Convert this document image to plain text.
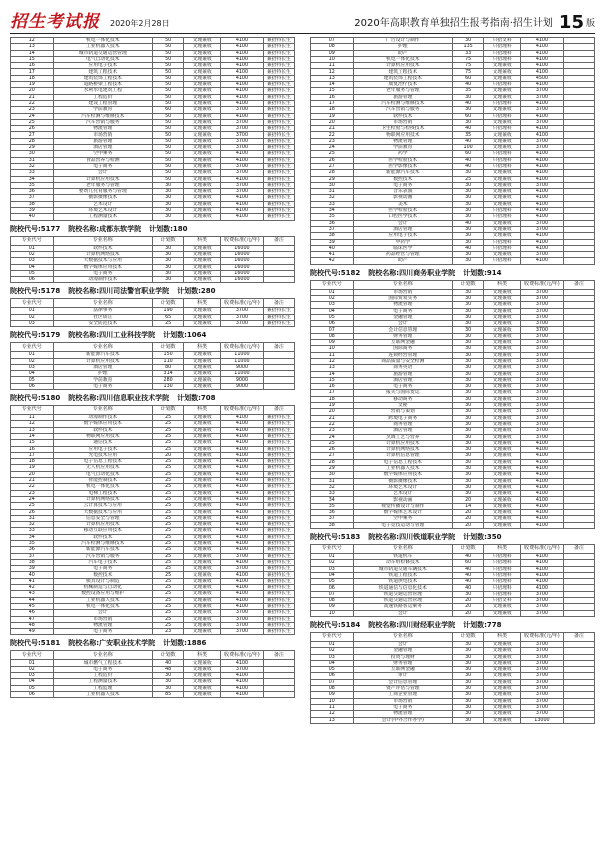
招生考试报 2020年2月28日	2020年高职教育单独招生报考指南·招生计划 15 版
12	机电一体化技术	50	文理兼收	4100	兼招特长生
13	工业机器人技术	50	文理兼收	4100	兼招特长生
14	城市轨道交通运营管理	50	文理兼收	4100	兼招特长生
15	电气自动化技术	50	文理兼收	4100	兼招特长生
16	应用电子技术	50	文理兼收	4100	兼招特长生
17	建筑工程技术	50	文理兼收	4100	兼招特长生
18	建筑装饰工程技术	50	文理兼收	4100	兼招特长生
19	道路桥梁工程技术	50	文理兼收	4100	兼招特长生
20	水利水电建筑工程	50	文理兼收	4100	兼招特长生
21	工程造价	50	文理兼收	4100	兼招特长生
22	建设工程管理	50	文理兼收	4100	兼招特长生
23	学前教育	60	文理兼收	3700	兼招特长生
24	汽车检测与维修技术	50	文理兼收	4100	兼招特长生
25	汽车营销与服务	50	文理兼收	3700	兼招特长生
26	物流管理	50	文理兼收	3700	兼招特长生
27	市场营销	50	文理兼收	3700	兼招特长生
28	旅游管理	50	文理兼收	3700	兼招特长生
29	酒店管理	50	文理兼收	3700	兼招特长生
30	空中乘务	50	文理兼收	4100	兼招特长生
31	食品营养与检测	50	文理兼收	4100	兼招特长生
32	电子商务	50	文理兼收	3700	兼招特长生
33	会计	50	文理兼收	3700	兼招特长生
34	计算机应用技术	50	文理兼收	4100	兼招特长生
35	老年服务与管理	30	文理兼收	3700	兼招特长生
36	婴幼儿托育服务与管理	30	文理兼收	3700	兼招特长生
37	摄影摄像技术	30	文理兼收	4100	兼招特长生
38	艺术设计	30	文理兼收	4100	兼招特长生
39	环境艺术设计	30	文理兼收	4100	兼招特长生
40	工程测量技术	30	文理兼收	4100	兼招特长生
院校代号:5177 院校名称:成都东软学院 计划数:180
专业代号	专业名称	计划数	科类	收费标准(元/年)	备注
01	软件技术	30	文理兼收	16000	
02	计算机网络技术	30	文理兼收	16000	
03	大数据技术与应用	30	文理兼收	16000	
04	数字媒体应用技术	30	文理兼收	16000	
05	电子商务	30	文理兼收	16000	
06	动漫制作技术	30	文理兼收	16000	
院校代号:5178 院校名称:四川司法警官职业学院 计划数:280
专业代号	专业名称	计划数	科类	收费标准(元/年)	备注
01	法律事务	190	文理兼收	3700	兼招特长生
02	社区矫正	65	文理兼收	3700	兼招特长生
03	安全防范技术	25	文理兼收	3700	兼招特长生
院校代号:5179 院校名称:四川工业科技学院 计划数:1064
专业代号	专业名称	计划数	科类	收费标准(元/年)	备注
01	新能源汽车技术	150	文理兼收	11000	
02	计算机应用技术	110	文理兼收	11000	
03	酒店管理	80	文理兼收	9000	
04	护理	314	文理兼收	11000	
05	学前教育	280	文理兼收	9000	
06	电子商务	130	文理兼收	9000	
院校代号:5180 院校名称:四川信息职业技术学院 计划数:708
专业代号	专业名称	计划数	科类	收费标准(元/年)	备注
11	动漫制作技术	25	文理兼收	4100	兼招特长生
12	数字媒体应用技术	25	文理兼收	4100	兼招特长生
13	软件技术	25	文理兼收	4100	兼招特长生
14	物联网应用技术	25	文理兼收	4100	兼招特长生
15	通信技术	25	文理兼收	4100	兼招特长生
16	应用电子技术	25	文理兼收	4100	兼招特长生
17	光电技术应用	20	文理兼收	4100	兼招特长生
18	电子信息工程技术	25	文理兼收	4100	兼招特长生
19	无人机应用技术	25	文理兼收	4100	兼招特长生
20	电气自动化技术	25	文理兼收	4100	兼招特长生
21	智能控制技术	25	文理兼收	4100	兼招特长生
22	机电一体化技术	25	文理兼收	4100	兼招特长生
23	电梯工程技术	25	文理兼收	4100	兼招特长生
24	计算机网络技术	25	文理兼收	4100	兼招特长生
25	云计算技术与应用	25	文理兼收	4100	兼招特长生
26	大数据技术与应用	25	文理兼收	4100	兼招特长生
31	信息安全与管理	25	文理兼收	4100	兼招特长生
32	计算机应用技术	25	文理兼收	4100	兼招特长生
33	移动互联应用技术	25	文理兼收	4100	兼招特长生
34	软件技术	25	文理兼收	4100	兼招特长生
35	汽车检测与维修技术	25	文理兼收	4100	兼招特长生
36	新能源汽车技术	25	文理兼收	4100	兼招特长生
37	汽车营销与服务	25	文理兼收	3700	兼招特长生
38	汽车电子技术	25	文理兼收	4100	兼招特长生
39	电子商务	25	文理兼收	3700	兼招特长生
40	数控技术	25	文理兼收	4100	兼招特长生
41	模具设计与制造	25	文理兼收	4100	兼招特长生
42	机械制造与自动化	25	文理兼收	4100	兼招特长生
43	数控设备应用与维护	25	文理兼收	4100	兼招特长生
44	工业机器人技术	25	文理兼收	4100	兼招特长生
45	机电一体化技术	25	文理兼收	4100	兼招特长生
46	会计	25	文理兼收	3700	兼招特长生
47	市场营销	25	文理兼收	3700	兼招特长生
48	物流管理	25	文理兼收	3700	兼招特长生
49	电子商务	23	文理兼收	3700	兼招特长生
院校代号:5181 院校名称:广安职业技术学院 计划数:1886
专业代号	专业名称	计划数	科类	收费标准(元/年)	备注
01	城市燃气工程技术	40	文理兼收	4100	
02	电子商务	48	文理兼收	3700	
03	工程造价	30	文理兼收	4100	
04	工程测量技术	30	文理兼收	4100	
05	工程监理	30	文理兼收	4100	
06	工业机器人技术	85	文理兼收	4100	
07	广告设计与制作	30	只招文科	4100	
08	护理	135	只招理科	4100	
09	助产	33	只招理科	4100	
10	机电一体化技术	75	只招理科	4100	
11	计算机应用技术	75	文理兼收	4100	
12	建筑工程技术	75	文理兼收	4100	
13	建筑装饰工程技术	60	文理兼收	4500	
14	康复治疗技术	40	只招理科	4100	
15	老年服务与管理	35	文理兼收	3700	
16	旅游管理	30	文理兼收	3700	
17	汽车检测与维修技术	40	只招理科	4100	
18	汽车营销与服务	30	文理兼收	3700	
19	软件技术	60	只招理科	4100	
20	市场营销	30	文理兼收	3700	
21	卫生检验与检疫技术	40	只招理科	4100	
22	物联网应用技术	35	文理兼收	4100	
23	物流管理	40	文理兼收	3700	
24	学前教育	100	文理兼收	3700	
25	药学	60	只招理科	4100	
26	医学检验技术	40	只招理科	4100	
27	医学影像技术	40	只招理科	4100	
28	新能源汽车技术	30	文理兼收	4100	
29	数控技术	25	文理兼收	4100	
30	电子商务	30	文理兼收	3700	
31	音乐表演	30	文理兼收	4100	
32	影视动画	30	文理兼收	4100	
33	美术	30	文理兼收	4100	
34	医学检验技术	30	只招理科	4100	
35	口腔医学技术	30	只招理科	4100	
36	会计	40	文理兼收	3700	
37	酒店管理	30	文理兼收	3700	
38	应用电子技术	30	文理兼收	4100	
39	中药学	30	只招理科	4100	
40	临床医学	40	只招理科	4100	
41	药品经营与管理	30	文理兼收	3700	
42	助产	30	只招理科	4100	
院校代号:5182 院校名称:四川商务职业学院 计划数:914
专业代号	专业名称	计划数	科类	收费标准(元/年)	备注
01	市场营销	30	文理兼收	3700	
02	国际贸易实务	30	文理兼收	3700	
03	物流管理	30	文理兼收	3700	
04	电子商务	30	文理兼收	3700	
05	金融管理	30	文理兼收	3700	
06	会计	30	文理兼收	3700	
07	会计信息管理	30	文理兼收	3700	
08	财务管理	30	文理兼收	3700	
09	互联网金融	30	文理兼收	3700	
10	国际商务	30	文理兼收	3700	
11	连锁经营管理	30	文理兼收	3700	
12	商品质量与安全检测	30	文理兼收	3700	
13	商务英语	30	文理兼收	3700	
14	旅游管理	30	文理兼收	3700	
15	酒店管理	30	文理兼收	3700	
16	电子商务	30	文理兼收	3700	
17	报关与国际货运	30	文理兼收	3700	
18	移动商务	30	文理兼收	3700	
19	文秘	30	文理兼收	3700	
20	营销与策划	30	文理兼收	3700	
21	跨境电子商务	30	文理兼收	3700	
22	商务管理	30	文理兼收	3700	
23	酒店管理	30	文理兼收	3700	
24	烹调工艺与营养	30	文理兼收	3700	
25	计算机应用技术	30	文理兼收	4100	
26	计算机网络技术	30	文理兼收	4100	
27	计算机信息管理	30	文理兼收	4100	
28	电子信息工程技术	30	文理兼收	4100	
29	工业机器人技术	30	文理兼收	4100	
30	数字媒体应用技术	30	文理兼收	4100	
31	摄影摄像技术	30	文理兼收	4100	
32	环境艺术设计	30	文理兼收	4100	
33	艺术设计	30	文理兼收	4100	
34	影视动画	20	文理兼收	4100	
35	视觉传播设计与制作	14	文理兼收	4100	
36	数字媒体艺术设计	20	文理兼收	4100	
37	空中乘务	20	文理兼收	4100	
38	电子竞技运动与管理	20	文理兼收	4100	
院校代号:5183 院校名称:四川铁道职业学院 计划数:350
专业代号	专业名称	计划数	科类	收费标准(元/年)	备注
01	铁道机车	40	只招理科	4100	
02	动车组检修技术	60	只招理科	4100	
03	城市轨道交通车辆技术	40	只招理科	4100	
04	铁道工程技术	40	只招理科	4100	
05	铁道供电技术	40	只招理科	4100	
06	铁道通信与信息化技术	40	只招理科	4100	
07	铁道交通运营管理	30	只招理科	3700	
08	铁道交通运营管理	20	只招文科	3700	
09	高速铁路客运乘务	20	文理兼收	3700	
10	会计	20	文理兼收	3700	
院校代号:5184 院校名称:四川财经职业学院 计划数:778
专业代号	专业名称	计划数	科类	收费标准(元/年)	备注
01	会计	30	文理兼收	3700	
02	金融管理	30	文理兼收	3700	
03	投资与理财	30	文理兼收	3700	
04	财务管理	30	文理兼收	3700	
05	互联网金融	30	文理兼收	3700	
06	审计	30	文理兼收	3700	
07	会计信息管理	30	文理兼收	3700	
08	资产评估与管理	30	文理兼收	3700	
09	工商企业管理	30	文理兼收	3700	
10	市场营销	30	文理兼收	3700	
11	电子商务	30	文理兼收	3700	
12	物流管理	30	文理兼收	3700	
13	会计(中外合作办学)	30	文理兼收	13000	
